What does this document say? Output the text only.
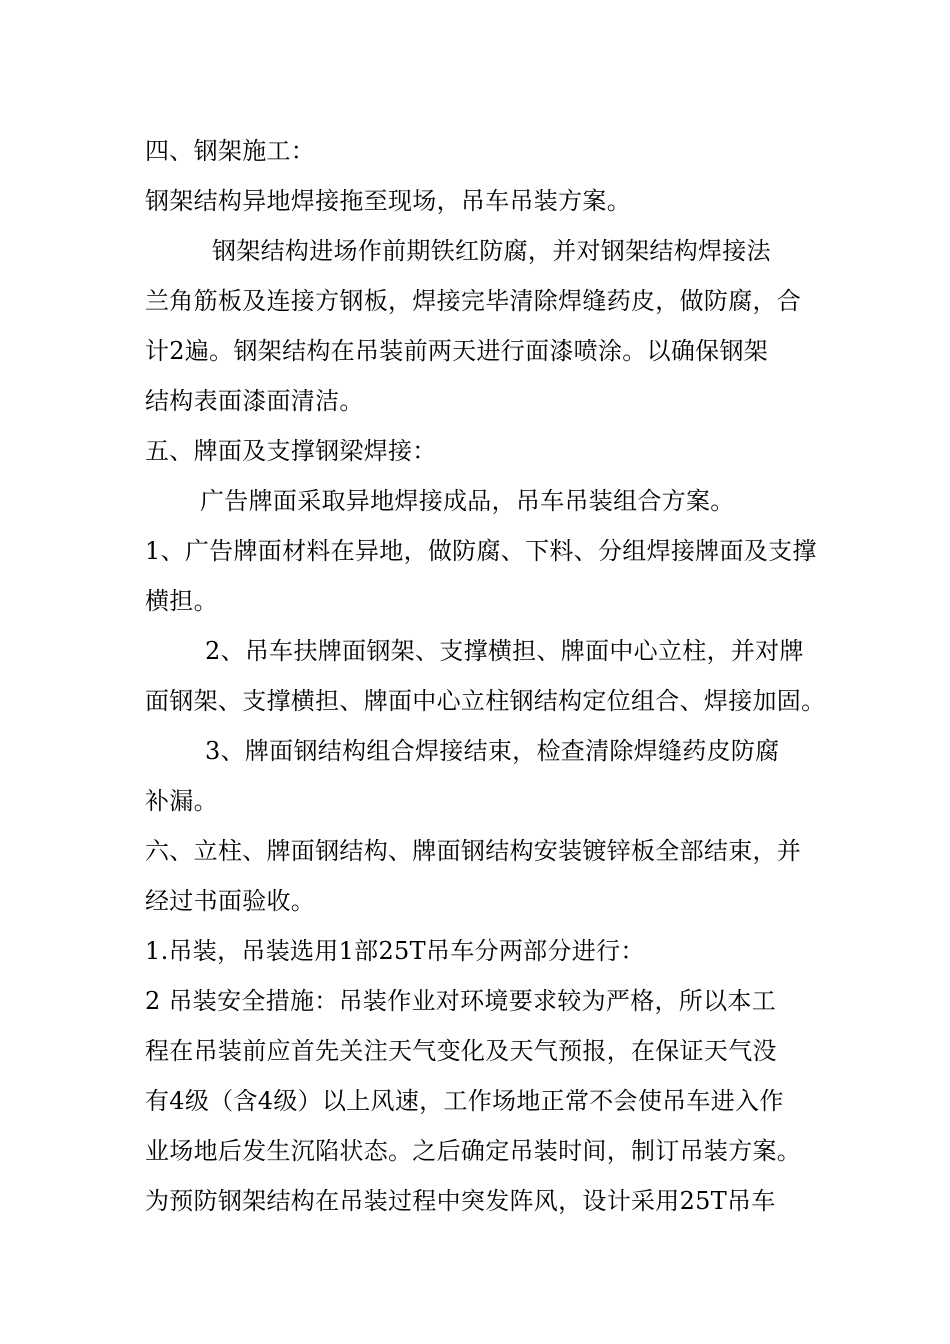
四、钢架施工：
钢架结构异地焊接拖至现场，吊车吊装方案。
钢架结构进场作前期铁红防腐，并对钢架结构焊接法
兰角筋板及连接方钢板，焊接完毕清除焊缝药皮，做防腐，合
计2遍。钢架结构在吊装前两天进行面漆喷涂。以确保钢架
结构表面漆面清洁。
五、牌面及支撑钢梁焊接：
广告牌面采取异地焊接成品，吊车吊装组合方案。
1、广告牌面材料在异地，做防腐、下料、分组焊接牌面及支撑
横担。
2、吊车扶牌面钢架、支撑横担、牌面中心立柱，并对牌
面钢架、支撑横担、牌面中心立柱钢结构定位组合、焊接加固。
3、牌面钢结构组合焊接结束，检查清除焊缝药皮防腐
补漏。
六、立柱、牌面钢结构、牌面钢结构安装镀锌板全部结束，并
经过书面验收。
1.吊装，吊装选用1部25T吊车分两部分进行：
2 吊装安全措施：吊装作业对环境要求较为严格，所以本工
程在吊装前应首先关注天气变化及天气预报，在保证天气没
有4级（含4级）以上风速，工作场地正常不会使吊车进入作
业场地后发生沉陷状态。之后确定吊装时间，制订吊装方案。
为预防钢架结构在吊装过程中突发阵风，设计采用25T吊车
